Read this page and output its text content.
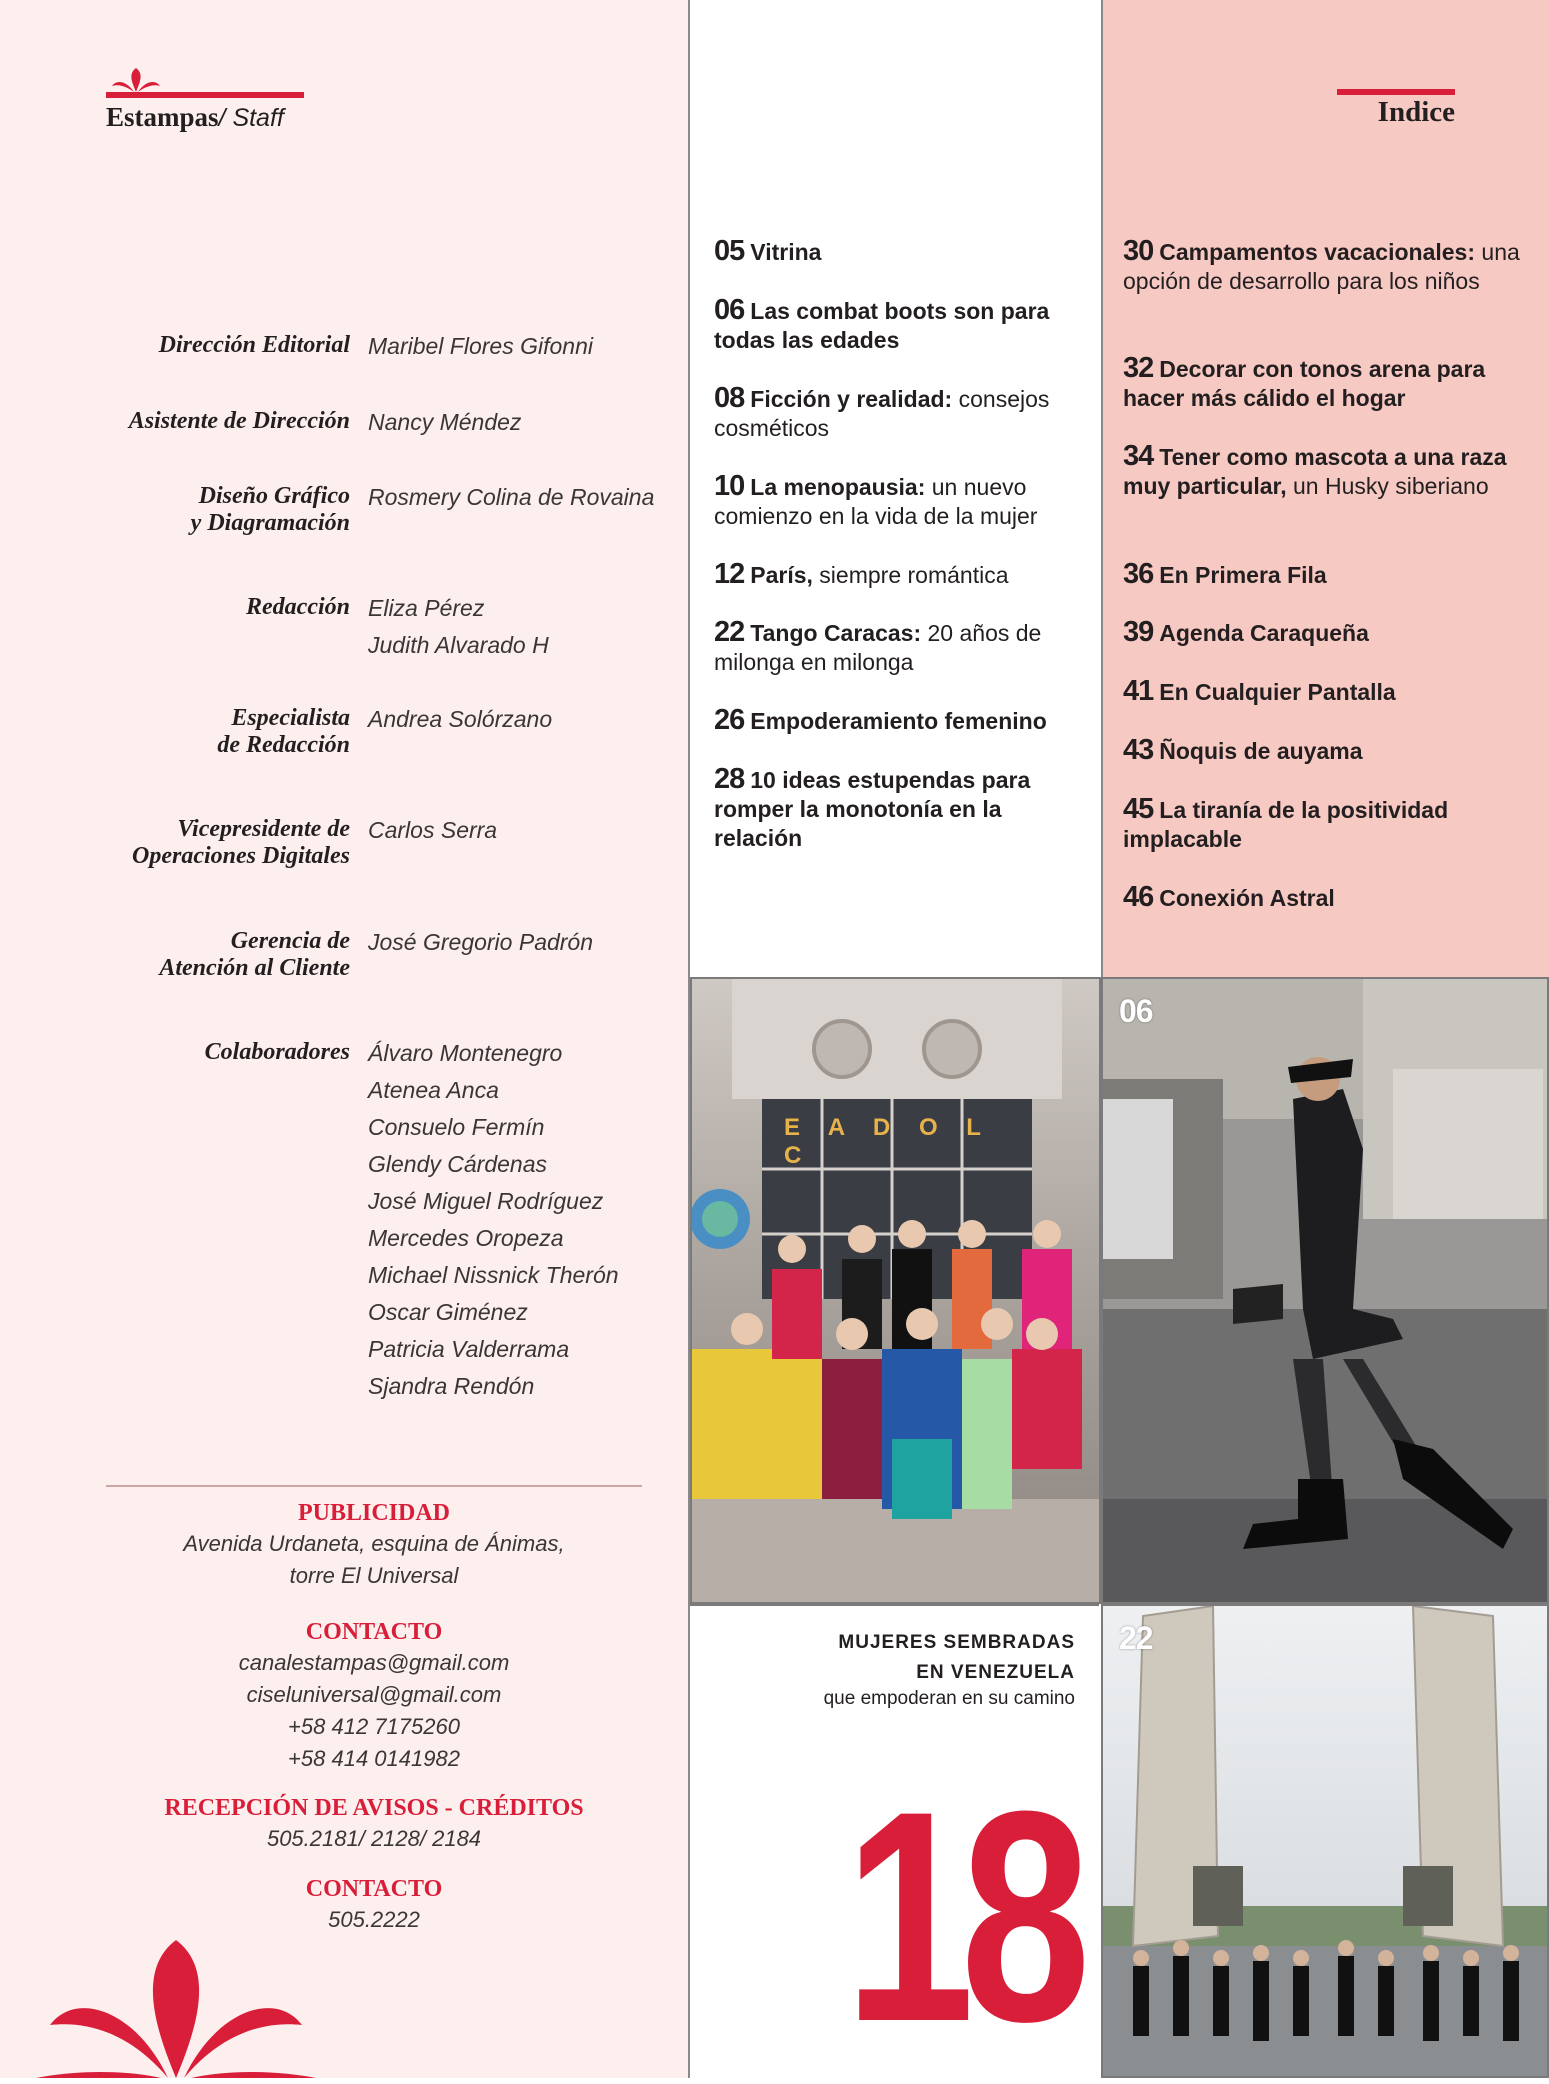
Estampas/ Staff
Dirección Editorial Maribel Flores Gifonni
Asistente de Dirección Nancy Méndez
Diseño Gráfico
y Diagramación
Rosmery Colina de Rovaina
Redacción Eliza Pérez
Judith Alvarado H
Especialista
de Redacción
Andrea Solórzano
Vicepresidente de
Operaciones Digitales
Carlos Serra
Gerencia de
Atención al Cliente
José Gregorio Padrón
Colaboradores Álvaro Montenegro
Atenea Anca
Consuelo Fermín
Glendy Cárdenas
José Miguel Rodríguez
Mercedes Oropeza
Michael Nissnick Therón
Oscar Giménez
Patricia Valderrama
Sjandra Rendón
PUBLICIDAD
Avenida Urdaneta, esquina de Ánimas,
torre El Universal
CONTACTO
canalestampas@gmail.com
ciseluniversal@gmail.com
+58 412 7175260
+58 414 0141982
RECEPCIÓN DE AVISOS - CRÉDITOS
505.2181/ 2128/ 2184
CONTACTO
505.2222
05 Vitrina
06 Las combat boots son para todas las edades
08 Ficción y realidad: consejos cosméticos
10 La menopausia: un nuevo comienzo en la vida de la mujer
12 París, siempre romántica
22 Tango Caracas: 20 años de milonga en milonga
26 Empoderamiento femenino
28 10 ideas estupendas para romper la monotonía en la relación
Indice
30 Campamentos vacacionales: una opción de desarrollo para los niños
32 Decorar con tonos arena para hacer más cálido el hogar
34 Tener como mascota a una raza muy particular, un Husky siberiano
36 En Primera Fila
39 Agenda Caraqueña
41 En Cualquier Pantalla
43 Ñoquis de auyama
45 La tiranía de la positividad implacable
46 Conexión Astral
E A D O L C
06
MUJERES SEMBRADAS
EN VENEZUELA
que empoderan en su camino
18
22
